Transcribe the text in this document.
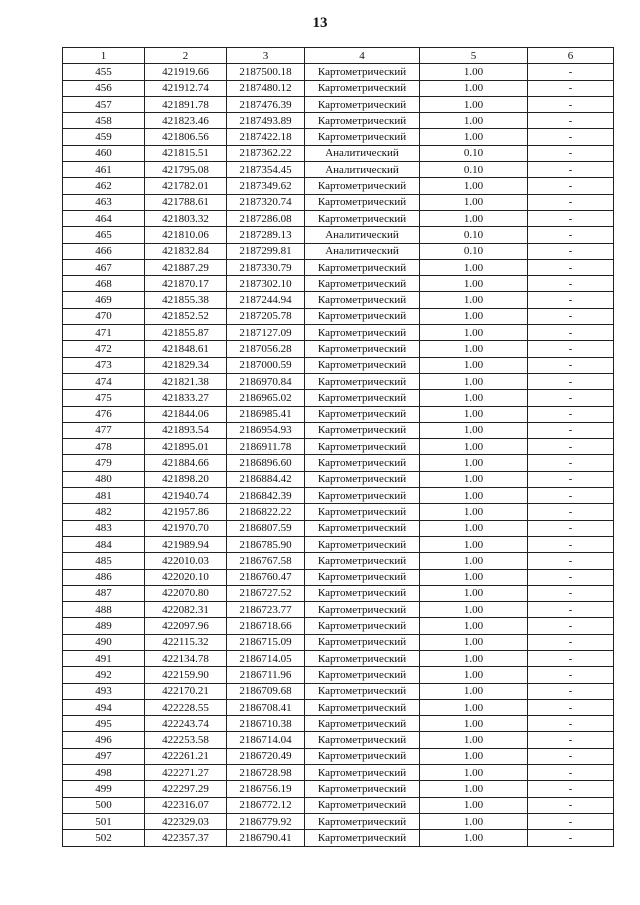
13
1	2	3	4	5	6
455	421919.66	2187500.18	Картометрический	1.00	-
456	421912.74	2187480.12	Картометрический	1.00	-
457	421891.78	2187476.39	Картометрический	1.00	-
458	421823.46	2187493.89	Картометрический	1.00	-
459	421806.56	2187422.18	Картометрический	1.00	-
460	421815.51	2187362.22	Аналитический	0.10	-
461	421795.08	2187354.45	Аналитический	0.10	-
462	421782.01	2187349.62	Картометрический	1.00	-
463	421788.61	2187320.74	Картометрический	1.00	-
464	421803.32	2187286.08	Картометрический	1.00	-
465	421810.06	2187289.13	Аналитический	0.10	-
466	421832.84	2187299.81	Аналитический	0.10	-
467	421887.29	2187330.79	Картометрический	1.00	-
468	421870.17	2187302.10	Картометрический	1.00	-
469	421855.38	2187244.94	Картометрический	1.00	-
470	421852.52	2187205.78	Картометрический	1.00	-
471	421855.87	2187127.09	Картометрический	1.00	-
472	421848.61	2187056.28	Картометрический	1.00	-
473	421829.34	2187000.59	Картометрический	1.00	-
474	421821.38	2186970.84	Картометрический	1.00	-
475	421833.27	2186965.02	Картометрический	1.00	-
476	421844.06	2186985.41	Картометрический	1.00	-
477	421893.54	2186954.93	Картометрический	1.00	-
478	421895.01	2186911.78	Картометрический	1.00	-
479	421884.66	2186896.60	Картометрический	1.00	-
480	421898.20	2186884.42	Картометрический	1.00	-
481	421940.74	2186842.39	Картометрический	1.00	-
482	421957.86	2186822.22	Картометрический	1.00	-
483	421970.70	2186807.59	Картометрический	1.00	-
484	421989.94	2186785.90	Картометрический	1.00	-
485	422010.03	2186767.58	Картометрический	1.00	-
486	422020.10	2186760.47	Картометрический	1.00	-
487	422070.80	2186727.52	Картометрический	1.00	-
488	422082.31	2186723.77	Картометрический	1.00	-
489	422097.96	2186718.66	Картометрический	1.00	-
490	422115.32	2186715.09	Картометрический	1.00	-
491	422134.78	2186714.05	Картометрический	1.00	-
492	422159.90	2186711.96	Картометрический	1.00	-
493	422170.21	2186709.68	Картометрический	1.00	-
494	422228.55	2186708.41	Картометрический	1.00	-
495	422243.74	2186710.38	Картометрический	1.00	-
496	422253.58	2186714.04	Картометрический	1.00	-
497	422261.21	2186720.49	Картометрический	1.00	-
498	422271.27	2186728.98	Картометрический	1.00	-
499	422297.29	2186756.19	Картометрический	1.00	-
500	422316.07	2186772.12	Картометрический	1.00	-
501	422329.03	2186779.92	Картометрический	1.00	-
502	422357.37	2186790.41	Картометрический	1.00	-
